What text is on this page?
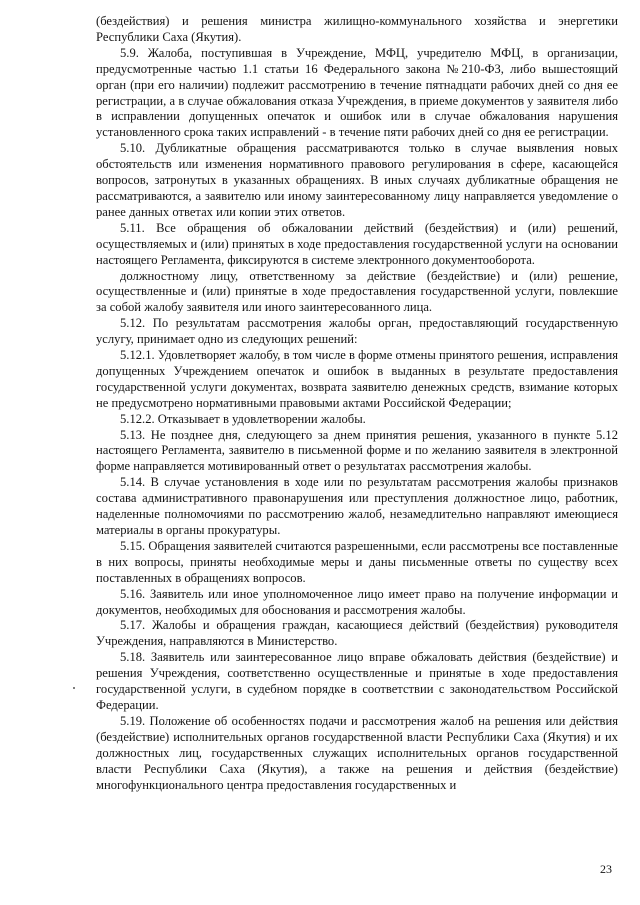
(бездействия) и решения министра жилищно-коммунального хозяйства и энергетики Республики Саха (Якутия).

5.9. Жалоба, поступившая в Учреждение, МФЦ, учредителю МФЦ, в организации, предусмотренные частью 1.1 статьи 16 Федерального закона №210-ФЗ, либо вышестоящий орган (при его наличии) подлежит рассмотрению в течение пятнадцати рабочих дней со дня ее регистрации, а в случае обжалования отказа Учреждения, в приеме документов у заявителя либо в исправлении допущенных опечаток и ошибок или в случае обжалования нарушения установленного срока таких исправлений - в течение пяти рабочих дней со дня ее регистрации.

5.10. Дубликатные обращения рассматриваются только в случае выявления новых обстоятельств или изменения нормативного правового регулирования в сфере, касающейся вопросов, затронутых в указанных обращениях. В иных случаях дубликатные обращения не рассматриваются, а заявителю или иному заинтересованному лицу направляется уведомление о ранее данных ответах или копии этих ответов.

5.11. Все обращения об обжаловании действий (бездействия) и (или) решений, осуществляемых и (или) принятых в ходе предоставления государственной услуги на основании настоящего Регламента, фиксируются в системе электронного документооборота.

должностному лицу, ответственному за действие (бездействие) и (или) решение, осуществленные и (или) принятые в ходе предоставления государственной услуги, повлекшие за собой жалобу заявителя или иного заинтересованного лица.

5.12. По результатам рассмотрения жалобы орган, предоставляющий государственную услугу, принимает одно из следующих решений:

5.12.1. Удовлетворяет жалобу, в том числе в форме отмены принятого решения, исправления допущенных Учреждением опечаток и ошибок в выданных в результате предоставления государственной услуги документах, возврата заявителю денежных средств, взимание которых не предусмотрено нормативными правовыми актами Российской Федерации;

5.12.2. Отказывает в удовлетворении жалобы.

5.13. Не позднее дня, следующего за днем принятия решения, указанного в пункте 5.12 настоящего Регламента, заявителю в письменной форме и по желанию заявителя в электронной форме направляется мотивированный ответ о результатах рассмотрения жалобы.

5.14. В случае установления в ходе или по результатам рассмотрения жалобы признаков состава административного правонарушения или преступления должностное лицо, работник, наделенные полномочиями по рассмотрению жалоб, незамедлительно направляют имеющиеся материалы в органы прокуратуры.

5.15. Обращения заявителей считаются разрешенными, если рассмотрены все поставленные в них вопросы, приняты необходимые меры и даны письменные ответы по существу всех поставленных в обращениях вопросов.

5.16. Заявитель или иное уполномоченное лицо имеет право на получение информации и документов, необходимых для обоснования и рассмотрения жалобы.

5.17. Жалобы и обращения граждан, касающиеся действий (бездействия) руководителя Учреждения, направляются в Министерство.

5.18. Заявитель или заинтересованное лицо вправе обжаловать действия (бездействие) и решения Учреждения, соответственно осуществленные и принятые в ходе предоставления государственной услуги, в судебном порядке в соответствии с законодательством Российской Федерации.

5.19. Положение об особенностях подачи и рассмотрения жалоб на решения или действия (бездействие) исполнительных органов государственной власти Республики Саха (Якутия) и их должностных лиц, государственных служащих исполнительных органов государственной власти Республики Саха (Якутия), а также на решения и действия (бездействие) многофункционального центра предоставления государственных и

23
